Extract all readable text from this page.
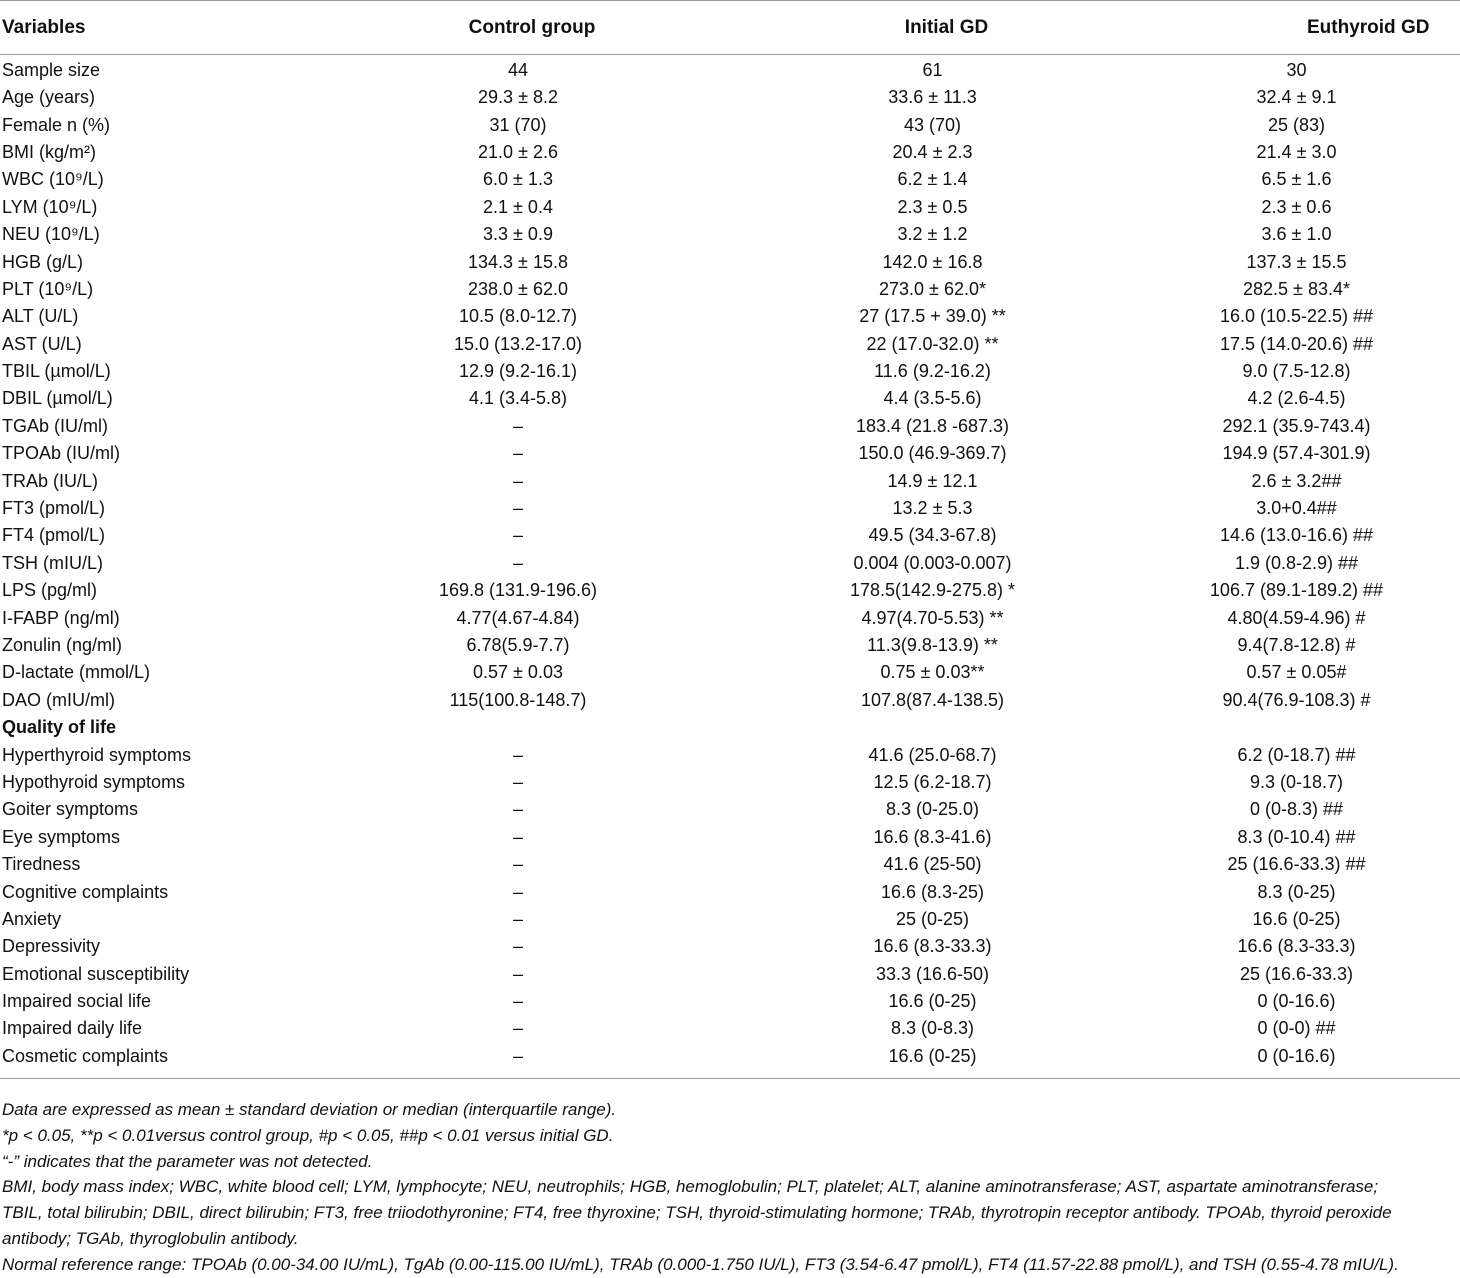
Variables	Control group	Initial GD	Euthyroid GD
Sample size	44	61	30
Age (years)	29.3 ± 8.2	33.6 ± 11.3	32.4 ± 9.1
Female n (%)	31 (70)	43 (70)	25 (83)
BMI (kg/m²)	21.0 ± 2.6	20.4 ± 2.3	21.4 ± 3.0
WBC (10⁹/L)	6.0 ± 1.3	6.2 ± 1.4	6.5 ± 1.6
LYM (10⁹/L)	2.1 ± 0.4	2.3 ± 0.5	2.3 ± 0.6
NEU (10⁹/L)	3.3 ± 0.9	3.2 ± 1.2	3.6 ± 1.0
HGB (g/L)	134.3 ± 15.8	142.0 ± 16.8	137.3 ± 15.5
PLT (10⁹/L)	238.0 ± 62.0	273.0 ± 62.0*	282.5 ± 83.4*
ALT (U/L)	10.5 (8.0-12.7)	27 (17.5 + 39.0) **	16.0 (10.5-22.5) ##
AST (U/L)	15.0 (13.2-17.0)	22 (17.0-32.0) **	17.5 (14.0-20.6) ##
TBIL (µmol/L)	12.9 (9.2-16.1)	11.6 (9.2-16.2)	9.0 (7.5-12.8)
DBIL (µmol/L)	4.1 (3.4-5.8)	4.4 (3.5-5.6)	4.2 (2.6-4.5)
TGAb (IU/ml)	–	183.4 (21.8 -687.3)	292.1 (35.9-743.4)
TPOAb (IU/ml)	–	150.0 (46.9-369.7)	194.9 (57.4-301.9)
TRAb (IU/L)	–	14.9 ± 12.1	2.6 ± 3.2##
FT3 (pmol/L)	–	13.2 ± 5.3	3.0+0.4##
FT4 (pmol/L)	–	49.5 (34.3-67.8)	14.6 (13.0-16.6) ##
TSH (mIU/L)	–	0.004 (0.003-0.007)	1.9 (0.8-2.9) ##
LPS (pg/ml)	169.8 (131.9-196.6)	178.5(142.9-275.8) *	106.7 (89.1-189.2) ##
I-FABP (ng/ml)	4.77(4.67-4.84)	4.97(4.70-5.53) **	4.80(4.59-4.96) #
Zonulin (ng/ml)	6.78(5.9-7.7)	11.3(9.8-13.9) **	9.4(7.8-12.8) #
D-lactate (mmol/L)	0.57 ± 0.03	0.75 ± 0.03**	0.57 ± 0.05#
DAO (mIU/ml)	115(100.8-148.7)	107.8(87.4-138.5)	90.4(76.9-108.3) #
Quality of life			
Hyperthyroid symptoms	–	41.6 (25.0-68.7)	6.2 (0-18.7) ##
Hypothyroid symptoms	–	12.5 (6.2-18.7)	9.3 (0-18.7)
Goiter symptoms	–	8.3 (0-25.0)	0 (0-8.3) ##
Eye symptoms	–	16.6 (8.3-41.6)	8.3 (0-10.4) ##
Tiredness	–	41.6 (25-50)	25 (16.6-33.3) ##
Cognitive complaints	–	16.6 (8.3-25)	8.3 (0-25)
Anxiety	–	25 (0-25)	16.6 (0-25)
Depressivity	–	16.6 (8.3-33.3)	16.6 (8.3-33.3)
Emotional susceptibility	–	33.3 (16.6-50)	25 (16.6-33.3)
Impaired social life	–	16.6 (0-25)	0 (0-16.6)
Impaired daily life	–	8.3 (0-8.3)	0 (0-0) ##
Cosmetic complaints	–	16.6 (0-25)	0 (0-16.6)

Data are expressed as mean ± standard deviation or median (interquartile range).

*p < 0.05, **p < 0.01versus control group, #p < 0.05, ##p < 0.01 versus initial GD.

“-” indicates that the parameter was not detected.

BMI, body mass index; WBC, white blood cell; LYM, lymphocyte; NEU, neutrophils; HGB, hemoglobulin; PLT, platelet; ALT, alanine aminotransferase; AST, aspartate aminotransferase;

TBIL, total bilirubin; DBIL, direct bilirubin; FT3, free triiodothyronine; FT4, free thyroxine; TSH, thyroid-stimulating hormone; TRAb, thyrotropin receptor antibody. TPOAb, thyroid peroxide

antibody; TGAb, thyroglobulin antibody.

Normal reference range: TPOAb (0.00-34.00 IU/mL), TgAb (0.00-115.00 IU/mL), TRAb (0.000-1.750 IU/L), FT3 (3.54-6.47 pmol/L), FT4 (11.57-22.88 pmol/L), and TSH (0.55-4.78 mIU/L).
